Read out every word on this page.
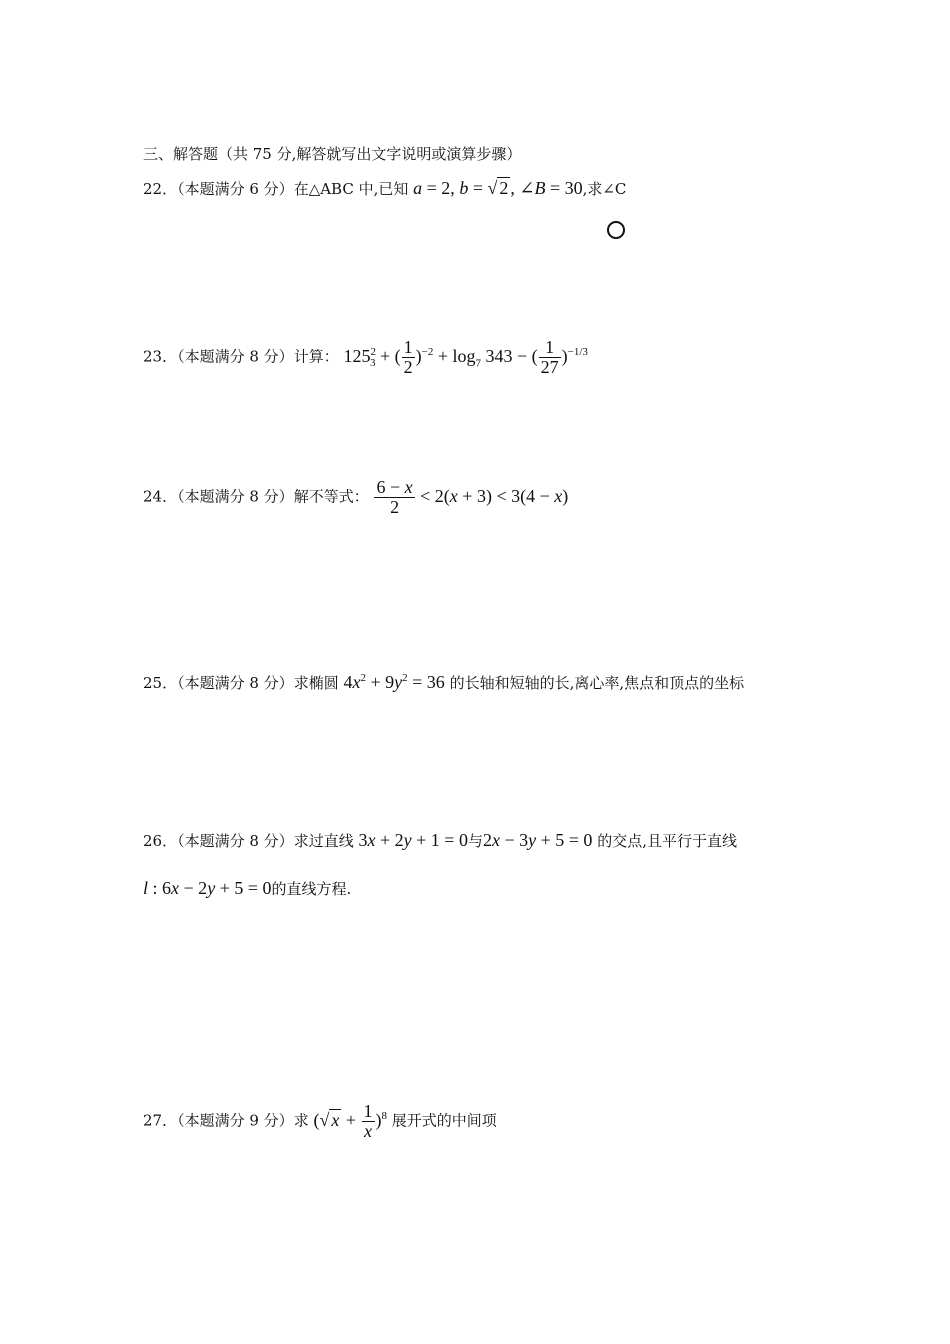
三、解答题（共 75 分,解答就写出文字说明或演算步骤）
22．（本题满分 6 分）在△ABC 中,已知 a = 2, b = √ 2 , ∠B = 30,求∠C
23．（本题满分 8 分）计算： $125^2_3$ + ( $\frac{1}{2} )^{-2} + \log_7 343$ − ( $\frac{1}{27} )^{-1/3}$
24．（本题满分 8 分）解不等式： $\frac{6 - x}{2} < 2(x + 3) < 3(4 - x)$
25．（本题满分 8 分）求椭圆 $4x^2 + 9y^2 = 36$ 的长轴和短轴的长,离心率,焦点和顶点的坐标
26．（本题满分 8 分）求过直线 3x + 2y + 1 = 0与2x − 3y + 5 = 0 的交点,且平行于直线
l : 6x − 2y + 5 = 0的直线方程.
27．（本题满分 9 分）求 (√ $x + \frac{1}{x} )^8$ 展开式的中间项
